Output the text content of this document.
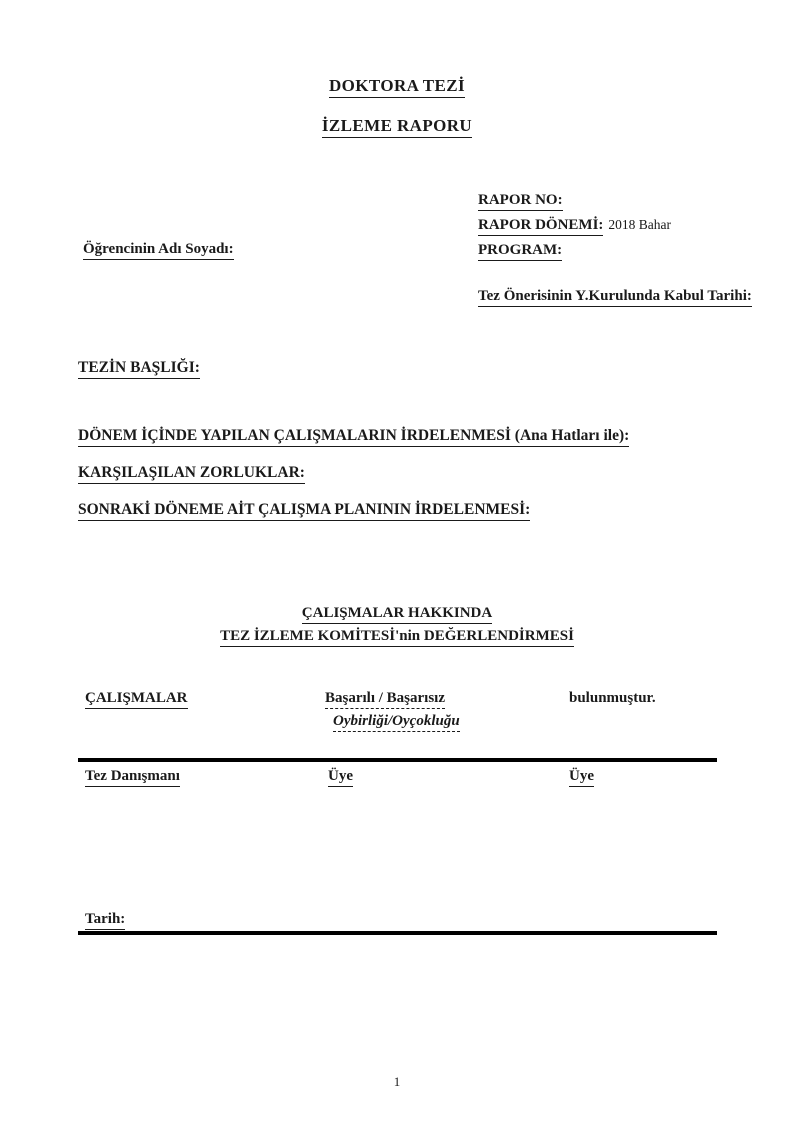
DOKTORA TEZİ
İZLEME RAPORU
RAPOR NO:
RAPOR DÖNEMİ: 2018 Bahar
PROGRAM:
Öğrencinin Adı Soyadı:
Tez Önerisinin Y.Kurulunda Kabul Tarihi:
TEZİN BAŞLIĞI:
DÖNEM İÇİNDE YAPILAN ÇALIŞMALARIN İRDELENMESİ (Ana Hatları ile):
KARŞILAŞILAN ZORLUKLAR:
SONRAKİ DÖNEME AİT ÇALIŞMA PLANININ İRDELENMESİ:
ÇALIŞMALAR HAKKINDA
TEZ İZLEME KOMİTESİ'nin DEĞERLENDİRMESİ
ÇALIŞMALAR	Başarılı / Başarısız	bulunmuştur.
Oybirliği/Oyçokluğu
Tez Danışmanı	Üye	Üye
Tarih:
1
